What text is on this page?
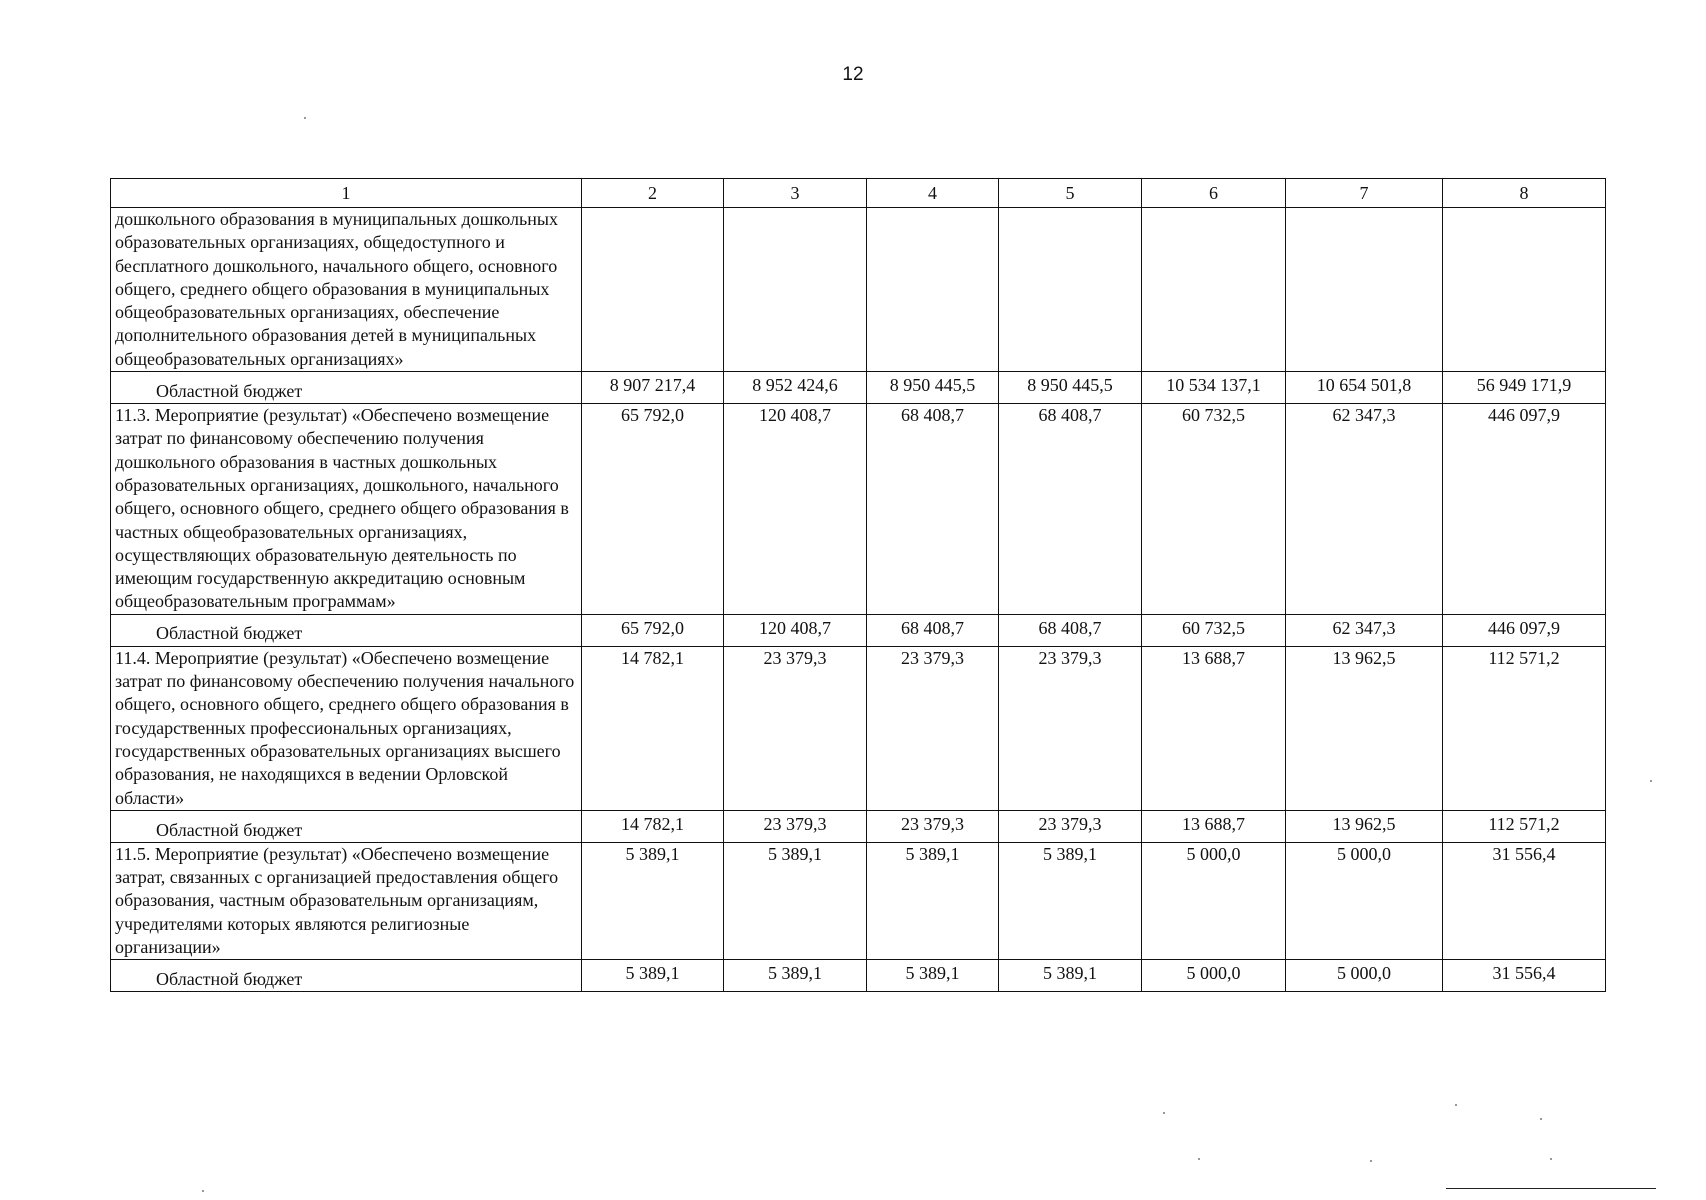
12
1	2	3	4	5	6	7	8
дошкольного образования в муниципальных дошкольных образовательных организациях, общедоступного и бесплатного дошкольного, начального общего, основного общего, среднего общего образования в муниципальных общеобразовательных организациях, обеспечение дополнительного образования детей в муниципальных общеобразовательных организациях»							
Областной бюджет	8 907 217,4	8 952 424,6	8 950 445,5	8 950 445,5	10 534 137,1	10 654 501,8	56 949 171,9
11.3. Мероприятие (результат) «Обеспечено возмещение затрат по финансовому обеспечению получения дошкольного образования в частных дошкольных образовательных организациях, дошкольного, начального общего, основного общего, среднего общего образования в частных общеобразовательных организациях, осуществляющих образовательную деятельность по имеющим государственную аккредитацию основным общеобразовательным программам»	65 792,0	120 408,7	68 408,7	68 408,7	60 732,5	62 347,3	446 097,9
Областной бюджет	65 792,0	120 408,7	68 408,7	68 408,7	60 732,5	62 347,3	446 097,9
11.4. Мероприятие (результат) «Обеспечено возмещение затрат по финансовому обеспечению получения начального общего, основного общего, среднего общего образования в государственных профессиональных организациях, государственных образовательных организациях высшего образования, не находящихся в ведении Орловской области»	14 782,1	23 379,3	23 379,3	23 379,3	13 688,7	13 962,5	112 571,2
Областной бюджет	14 782,1	23 379,3	23 379,3	23 379,3	13 688,7	13 962,5	112 571,2
11.5. Мероприятие (результат) «Обеспечено возмещение затрат, связанных с организацией предоставления общего образования, частным образовательным организациям, учредителями которых являются религиозные организации»	5 389,1	5 389,1	5 389,1	5 389,1	5 000,0	5 000,0	31 556,4
Областной бюджет	5 389,1	5 389,1	5 389,1	5 389,1	5 000,0	5 000,0	31 556,4
